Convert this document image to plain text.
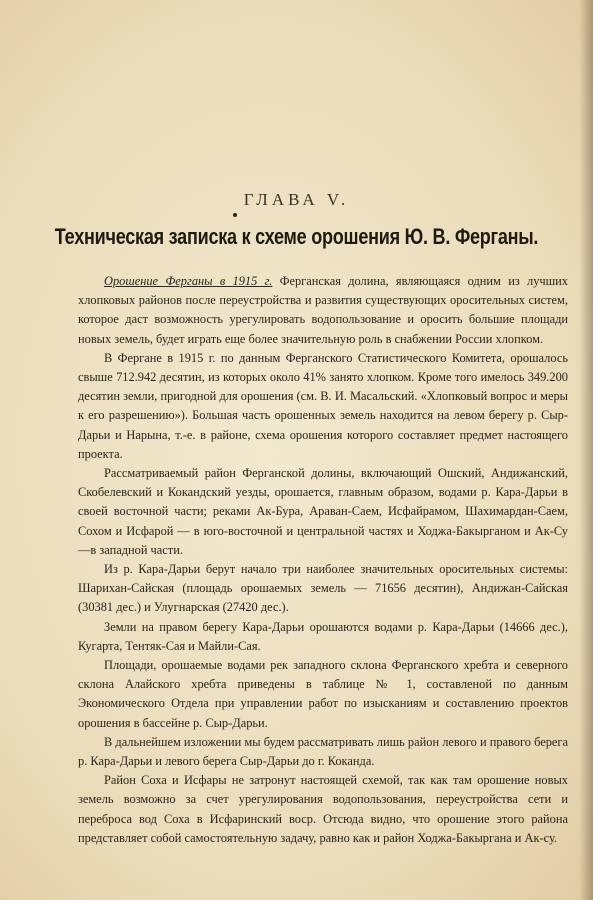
ГЛАВА V.
Техническая записка к схеме орошения Ю. В. Ферганы.

Орошение Ферганы в 1915 г. Ферганская долина, являющаяся одним из лучших хлопковых районов после переустройства и развития существующих оросительных систем, которое даст возможность урегулировать водопользование и оросить большие площади новых земель, будет играть еще более значительную роль в снабжении России хлопком.

В Фергане в 1915 г. по данным Ферганского Статистического Комитета, орошалось свыше 712.942 десятин, из которых около 41% занято хлопком. Кроме того имелось 349.200 десятин земли, пригодной для орошения (см. В. И. Масальский. «Хлопковый вопрос и меры к его разрешению»). Большая часть орошенных земель находится на левом берегу р. Сыр-Дарьи и Нарына, т.-е. в районе, схема орошения которого составляет предмет настоящего проекта.

Рассматриваемый район Ферганской долины, включающий Ошский, Андижанский, Скобелевский и Кокандский уезды, орошается, главным образом, водами р. Кара-Дарьи в своей восточной части; реками Ак-Бура, Араван-Саем, Исфайрамом, Шахимардан-Саем, Сохом и Исфарой — в юго-восточной и центральной частях и Ходжа-Бакырганом и Ак-Су—в западной части.

Из р. Кара-Дарьи берут начало три наиболее значительных оросительных системы: Шарихан-Сайская (площадь орошаемых земель — 71656 десятин), Андижан-Сайская (30381 дес.) и Улугнарская (27420 дес.).

Земли на правом берегу Кара-Дарьи орошаются водами р. Кара-Дарьи (14666 дес.), Кугарта, Тентяк-Сая и Майли-Сая.

Площади, орошаемые водами рек западного склона Ферганского хребта и северного склона Алайского хребта приведены в таблице № 1, составленой по данным Экономического Отдела при управлении работ по изысканиям и составлению проектов орошения в бассейне р. Сыр-Дарьи.

В дальнейшем изложении мы будем рассматривать лишь район левого и правого берега р. Кара-Дарьи и левого берега Сыр-Дарьи до г. Коканда.

Район Соха и Исфары не затронут настоящей схемой, так как там орошение новых земель возможно за счет урегулирования водопользования, переустройства сети и переброса вод Соха в Исфаринский воср. Отсюда видно, что орошение этого района представляет собой самостоятельную задачу, равно как и район Ходжа-Бакыргана и Ак-су.
